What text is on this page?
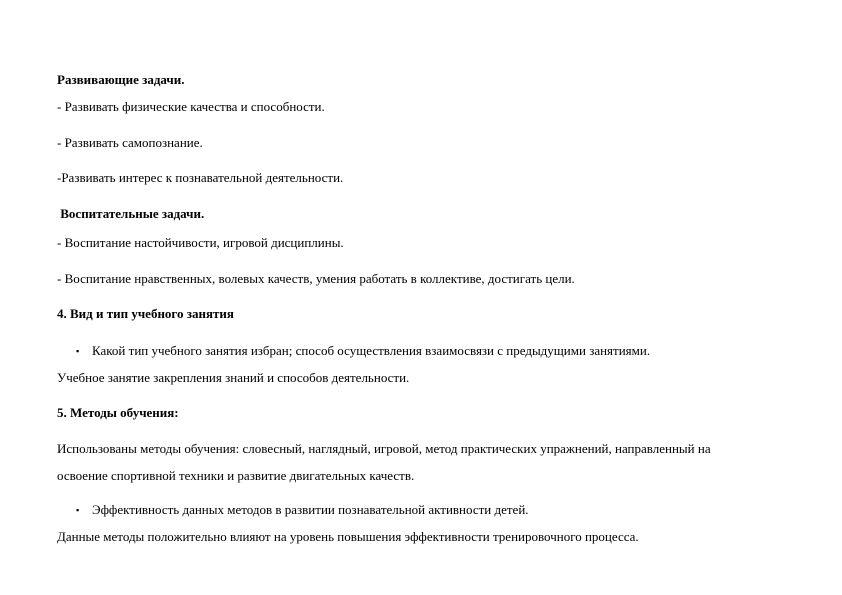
Развивающие задачи.
- Развивать физические качества и способности.
- Развивать самопознание.
-Развивать интерес к познавательной деятельности.
Воспитательные задачи.
- Воспитание настойчивости, игровой дисциплины.
- Воспитание нравственных, волевых качеств, умения работать в коллективе, достигать цели.
4. Вид и тип учебного занятия
▪ Какой тип учебного занятия избран; способ осуществления взаимосвязи с предыдущими занятиями.
Учебное занятие закрепления знаний и способов деятельности.
5. Методы обучения:
Использованы методы обучения: словесный, наглядный, игровой, метод практических упражнений, направленный на
освоение спортивной техники и развитие двигательных качеств.
▪ Эффективность данных методов в развитии познавательной активности детей.
Данные методы положительно влияют на уровень повышения эффективности тренировочного процесса.
